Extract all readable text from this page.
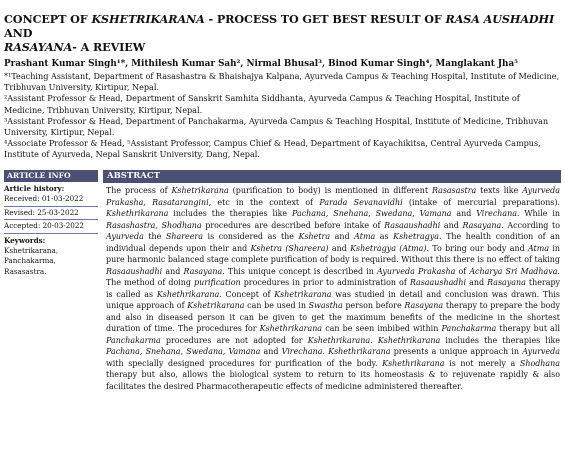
CONCEPT OF KSHETRIKARANA - PROCESS TO GET BEST RESULT OF RASA AUSHADHI AND
RASAYANA- A REVIEW
Prashant Kumar Singh¹*, Mithilesh Kumar Sah², Nirmal Bhusal³, Binod Kumar Singh⁴, Manglakant Jha⁵
*¹Teaching Assistant, Department of Rasashastra & Bhaishajya Kalpana, Ayurveda Campus & Teaching Hospital, Institute of Medicine, Tribhuvan University, Kirtipur, Nepal.
²Assistant Professor & Head, Department of Sanskrit Samhita Siddhanta, Ayurveda Campus & Teaching Hospital, Institute of Medicine, Tribhuvan University, Kirtipur, Nepal.
³Assistant Professor & Head, Department of Panchakarma, Ayurveda Campus & Teaching Hospital, Institute of Medicine, Tribhuvan University, Kirtipur, Nepal.
⁴Associate Professor & Head, ⁵Assistant Professor, Campus Chief & Head, Department of Kayachikitsa, Central Ayurveda Campus, Institute of Ayurveda, Nepal Sanskrit University, Dang, Nepal.
ARTICLE INFO
Article history:
Received: 01-03-2022
Revised: 25-03-2022
Accepted: 20-03-2022
Keywords:
Kshetrikarana,
Panchakarma,
Rasasastra.
ABSTRACT

The process of Kshetrikarana (purification to body) is mentioned in different Rasasastra texts like Ayurveda Prakasha, Rasatarangini, etc in the context of Parada Sevanavidhi (intake of mercurial preparations). Kshethrikarana includes the therapies like Pachana, Snehana, Swedana, Vamana and Virechana. While in Rasashastra, Shodhana procedures are described before intake of Rasaaushadhi and Rasayana. According to Ayurveda the Shareera is considered as the Kshetra and Atma as Kshetragya. The health condition of an individual depends upon their and Kshetra (Shareera) and Kshetragya (Atma). To bring our body and Atma in pure harmonic balanced stage complete purification of body is required. Without this there is no effect of taking Rasaaushadhi and Rasayana. This unique concept is described in Ayurveda Prakasha of Acharya Sri Madhava. The method of doing purification procedures in prior to administration of Rasaaushadhi and Rasayana therapy is called as Kshethrikarana. Concept of Kshetrikarana was studied in detail and conclusion was drawn. This unique approach of Kshetrikarana can be used in Swastha person before Rasayana therapy to prepare the body and also in diseased person it can be given to get the maximum benefits of the medicine in the shortest duration of time. The procedures for Kshethrikarana can be seen imbibed within Panchakarma therapy but all Panchakarma procedures are not adopted for Kshethrikarana. Kshethrikarana includes the therapies like Pachana, Snehana, Swedana, Vamana and Virechana. Kshethrikarana presents a unique approach in Ayurveda with specially designed procedures for purification of the body. Kshethrikarana is not merely a Shodhana therapy but also, allows the biological system to return to its homeostasis & to rejuvenate rapidly & also facilitates the desired Pharmacotherapeutic effects of medicine administered thereafter.
